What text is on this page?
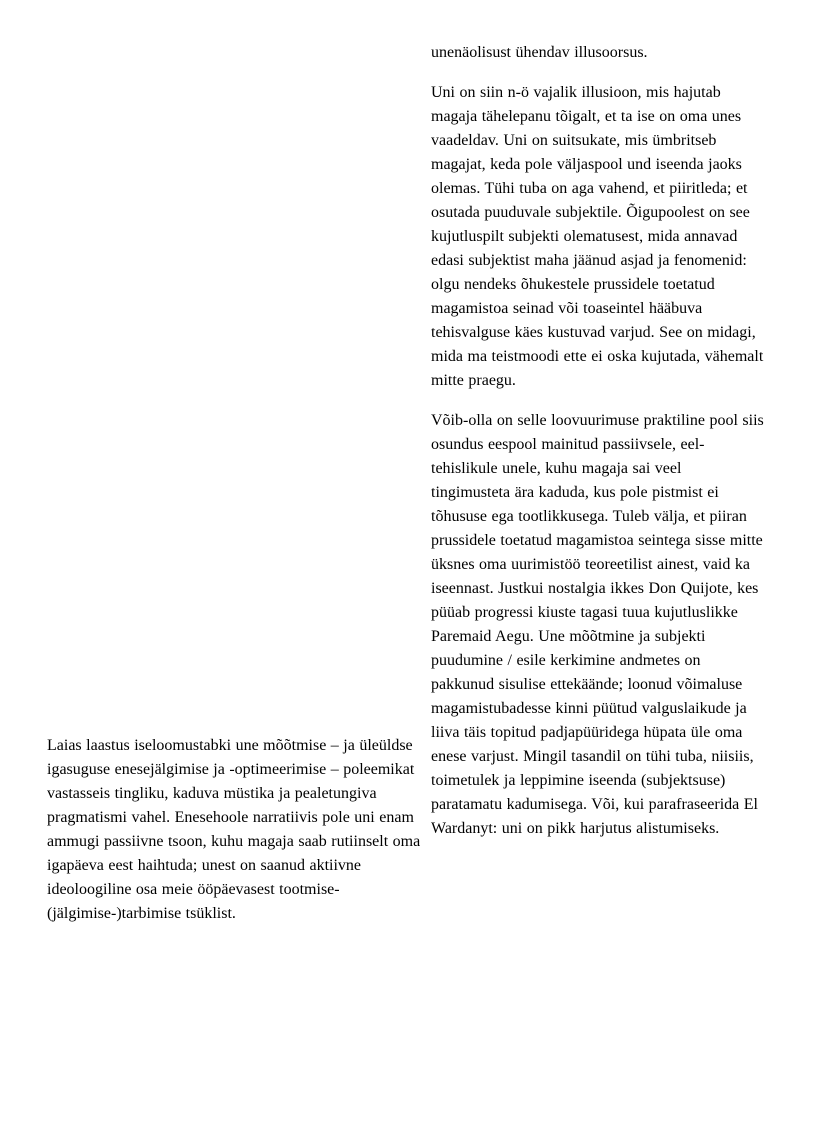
Laias laastus iseloomustabki une mõõtmise – ja üleüldse igasuguse enesejälgimise ja -optimeerimise – poleemikat vastasseis tingliku, kaduva müstika ja pealetungiva pragmatismi vahel. Enesehoole narratiivis pole uni enam ammugi passiivne tsoon, kuhu magaja saab rutiinselt oma igapäeva eest haihtuda; unest on saanud aktiivne ideoloogiline osa meie ööpäevasest tootmise-(jälgimise-)tarbimise tsüklist.

unenäolisust ühendav illusoorsus.

Uni on siin n-ö vajalik illusioon, mis hajutab magaja tähelepanu tõigalt, et ta ise on oma unes vaadeldav. Uni on suitsukate, mis ümbritseb magajat, keda pole väljaspool und iseenda jaoks olemas. Tühi tuba on aga vahend, et piiritleda; et osutada puuduvale subjektile. Õigupoolest on see kujutluspilt subjekti olematusest, mida annavad edasi subjektist maha jäänud asjad ja fenomenid: olgu nendeks õhukestele prussidele toetatud magamistoa seinad või toaseintel hääbuva tehisvalguse käes kustuvad varjud. See on midagi, mida ma teistmoodi ette ei oska kujutada, vähemalt mitte praegu.

Võib-olla on selle loovuurimuse praktiline pool siis osundus eespool mainitud passiivsele, eel-tehislikule unele, kuhu magaja sai veel tingimusteta ära kaduda, kus pole pistmist ei tõhususe ega tootlikkusega. Tuleb välja, et piiran prussidele toetatud magamistoa seintega sisse mitte üksnes oma uurimistöö teoreetilist ainest, vaid ka iseennast. Justkui nostalgia ikkes Don Quijote, kes püüab progressi kiuste tagasi tuua kujutluslikke Paremaid Aegu. Une mõõtmine ja subjekti puudumine / esile kerkimine andmetes on pakkunud sisulise ettekäände; loonud võimaluse magamistubadesse kinni püütud valguslaikude ja liiva täis topitud padjapüüridega hüpata üle oma enese varjust. Mingil tasandil on tühi tuba, niisiis, toimetulek ja leppimine iseenda (subjektsuse) paratamatu kadumisega. Või, kui parafraseerida El Wardanyt: uni on pikk harjutus alistumiseks.
